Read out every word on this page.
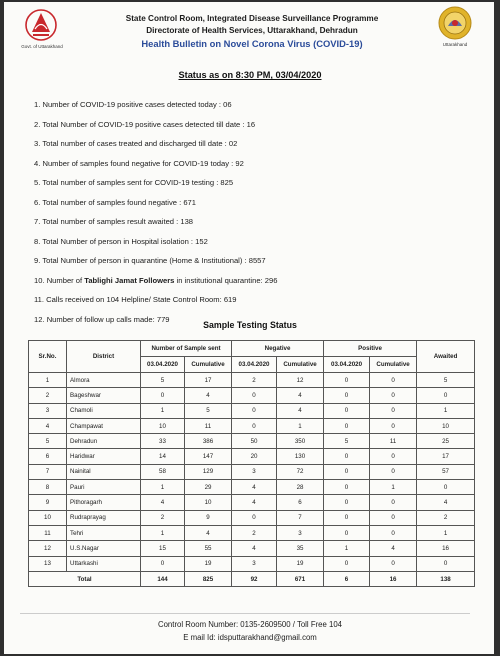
Govt. of Uttarakhand	Uttarakhand
State Control Room, Integrated Disease Surveillance Programme
Directorate of Health Services, Uttarakhand, Dehradun
Health Bulletin on Novel Corona Virus (COVID-19)
Status as on 8:30 PM, 03/04/2020
1. Number of COVID-19 positive cases detected today : 06
2. Total Number of COVID-19 positive cases detected till date : 16
3. Total number of cases treated and discharged till date : 02
4. Number of samples found negative for COVID-19 today : 92
5. Total number of samples sent for COVID-19 testing : 825
6. Total number of samples found negative : 671
7. Total number of samples result awaited : 138
8. Total Number of person in Hospital isolation : 152
9. Total Number of person in quarantine (Home & Institutional) : 8557
10. Number of Tablighi Jamat Followers in institutional quarantine: 296
11. Calls received on 104 Helpline/ State Control Room: 619
12. Number of follow up calls made: 779
Sample Testing Status
Sr.No.	District	Number of Sample sent		Negative		Positive		Awaited
		03.04.2020	Cumulative	03.04.2020	Cumulative	03.04.2020	Cumulative	
1	Almora	5	17	2	12	0	0	5
2	Bageshwar	0	4	0	4	0	0	0
3	Chamoli	1	5	0	4	0	0	1
4	Champawat	10	11	0	1	0	0	10
5	Dehradun	33	386	50	350	5	11	25
6	Haridwar	14	147	20	130	0	0	17
7	Nainital	58	129	3	72	0	0	57
8	Pauri	1	29	4	28	0	1	0
9	Pithoragarh	4	10	4	6	0	0	4
10	Rudraprayag	2	9	0	7	0	0	2
11	Tehri	1	4	2	3	0	0	1
12	U.S.Nagar	15	55	4	35	1	4	16
13	Uttarkashi	0	19	3	19	0	0	0
Total		144	825	92	671	6	16	138
Control Room Number: 0135-2609500 / Toll Free 104
E mail Id: idsputtarakhand@gmail.com
